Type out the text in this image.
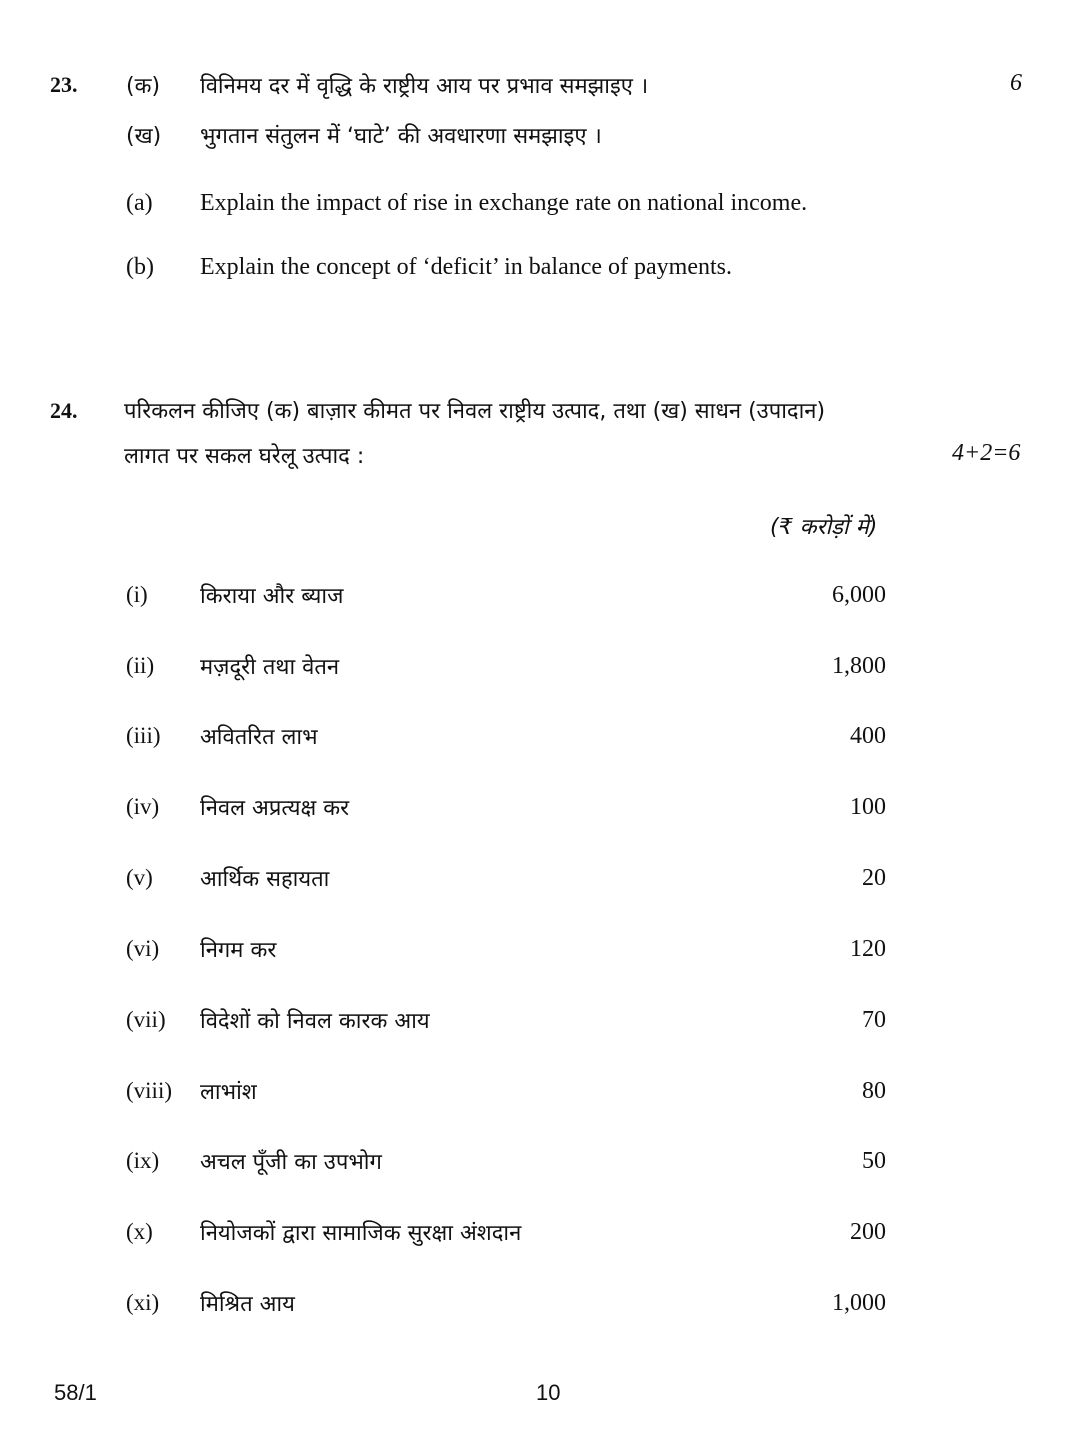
23. (क) विनिमय दर में वृद्धि के राष्ट्रीय आय पर प्रभाव समझाइए ।	6
(ख) भुगतान संतुलन में ‘घाटे’ की अवधारणा समझाइए ।
(a) Explain the impact of rise in exchange rate on national income.
(b) Explain the concept of ‘deficit’ in balance of payments.
24. परिकलन कीजिए (क) बाज़ार कीमत पर निवल राष्ट्रीय उत्पाद, तथा (ख) साधन (उपादान)
लागत पर सकल घरेलू उत्पाद :	4+2=6
(₹ करोड़ों में)
(i) किराया और ब्याज	6,000
(ii) मज़दूरी तथा वेतन	1,800
(iii) अवितरित लाभ	400
(iv) निवल अप्रत्यक्ष कर	100
(v) आर्थिक सहायता	20
(vi) निगम कर	120
(vii) विदेशों को निवल कारक आय	70
(viii) लाभांश	80
(ix) अचल पूँजी का उपभोग	50
(x) नियोजकों द्वारा सामाजिक सुरक्षा अंशदान	200
(xi) मिश्रित आय	1,000
58/1	10
